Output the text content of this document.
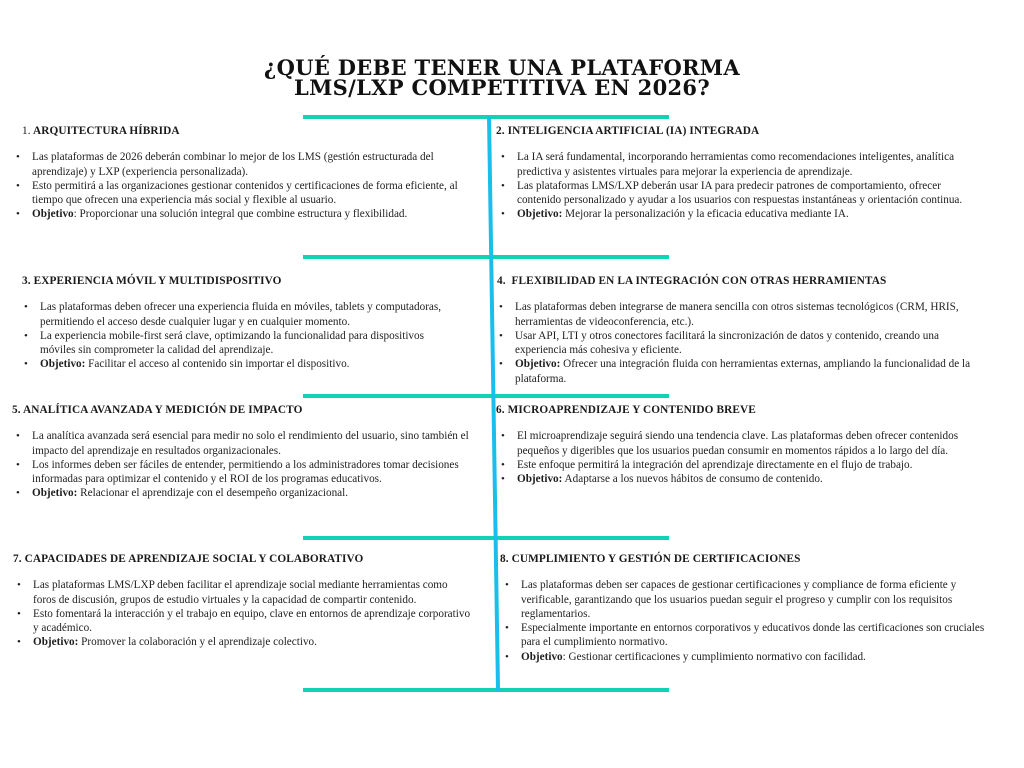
¿QUÉ DEBE TENER UNA PLATAFORMA
LMS/LXP COMPETITIVA EN 2026?
1. ARQUITECTURA HÍBRIDA
• Las plataformas de 2026 deberán combinar lo mejor de los LMS (gestión estructurada del aprendizaje) y LXP (experiencia personalizada).
• Esto permitirá a las organizaciones gestionar contenidos y certificaciones de forma eficiente, al tiempo que ofrecen una experiencia más social y flexible al usuario.
• Objetivo: Proporcionar una solución integral que combine estructura y flexibilidad.
2. INTELIGENCIA ARTIFICIAL (IA) INTEGRADA
• La IA será fundamental, incorporando herramientas como recomendaciones inteligentes, analítica predictiva y asistentes virtuales para mejorar la experiencia de aprendizaje.
• Las plataformas LMS/LXP deberán usar IA para predecir patrones de comportamiento, ofrecer contenido personalizado y ayudar a los usuarios con respuestas instantáneas y orientación continua.
• Objetivo: Mejorar la personalización y la eficacia educativa mediante IA.
3. EXPERIENCIA MÓVIL Y MULTIDISPOSITIVO
• Las plataformas deben ofrecer una experiencia fluida en móviles, tablets y computadoras, permitiendo el acceso desde cualquier lugar y en cualquier momento.
• La experiencia mobile-first será clave, optimizando la funcionalidad para dispositivos móviles sin comprometer la calidad del aprendizaje.
• Objetivo: Facilitar el acceso al contenido sin importar el dispositivo.
4. FLEXIBILIDAD EN LA INTEGRACIÓN CON OTRAS HERRAMIENTAS
• Las plataformas deben integrarse de manera sencilla con otros sistemas tecnológicos (CRM, HRIS, herramientas de videoconferencia, etc.).
• Usar API, LTI y otros conectores facilitará la sincronización de datos y contenido, creando una experiencia más cohesiva y eficiente.
• Objetivo: Ofrecer una integración fluida con herramientas externas, ampliando la funcionalidad de la plataforma.
5. ANALÍTICA AVANZADA Y MEDICIÓN DE IMPACTO
• La analítica avanzada será esencial para medir no solo el rendimiento del usuario, sino también el impacto del aprendizaje en resultados organizacionales.
• Los informes deben ser fáciles de entender, permitiendo a los administradores tomar decisiones informadas para optimizar el contenido y el ROI de los programas educativos.
• Objetivo: Relacionar el aprendizaje con el desempeño organizacional.
6. MICROAPRENDIZAJE Y CONTENIDO BREVE
• El microaprendizaje seguirá siendo una tendencia clave. Las plataformas deben ofrecer contenidos pequeños y digeribles que los usuarios puedan consumir en momentos rápidos a lo largo del día.
• Este enfoque permitirá la integración del aprendizaje directamente en el flujo de trabajo.
• Objetivo: Adaptarse a los nuevos hábitos de consumo de contenido.
7. CAPACIDADES DE APRENDIZAJE SOCIAL Y COLABORATIVO
• Las plataformas LMS/LXP deben facilitar el aprendizaje social mediante herramientas como foros de discusión, grupos de estudio virtuales y la capacidad de compartir contenido.
• Esto fomentará la interacción y el trabajo en equipo, clave en entornos de aprendizaje corporativo y académico.
• Objetivo: Promover la colaboración y el aprendizaje colectivo.
8. CUMPLIMIENTO Y GESTIÓN DE CERTIFICACIONES
• Las plataformas deben ser capaces de gestionar certificaciones y compliance de forma eficiente y verificable, garantizando que los usuarios puedan seguir el progreso y cumplir con los requisitos reglamentarios.
• Especialmente importante en entornos corporativos y educativos donde las certificaciones son cruciales para el cumplimiento normativo.
• Objetivo: Gestionar certificaciones y cumplimiento normativo con facilidad.
